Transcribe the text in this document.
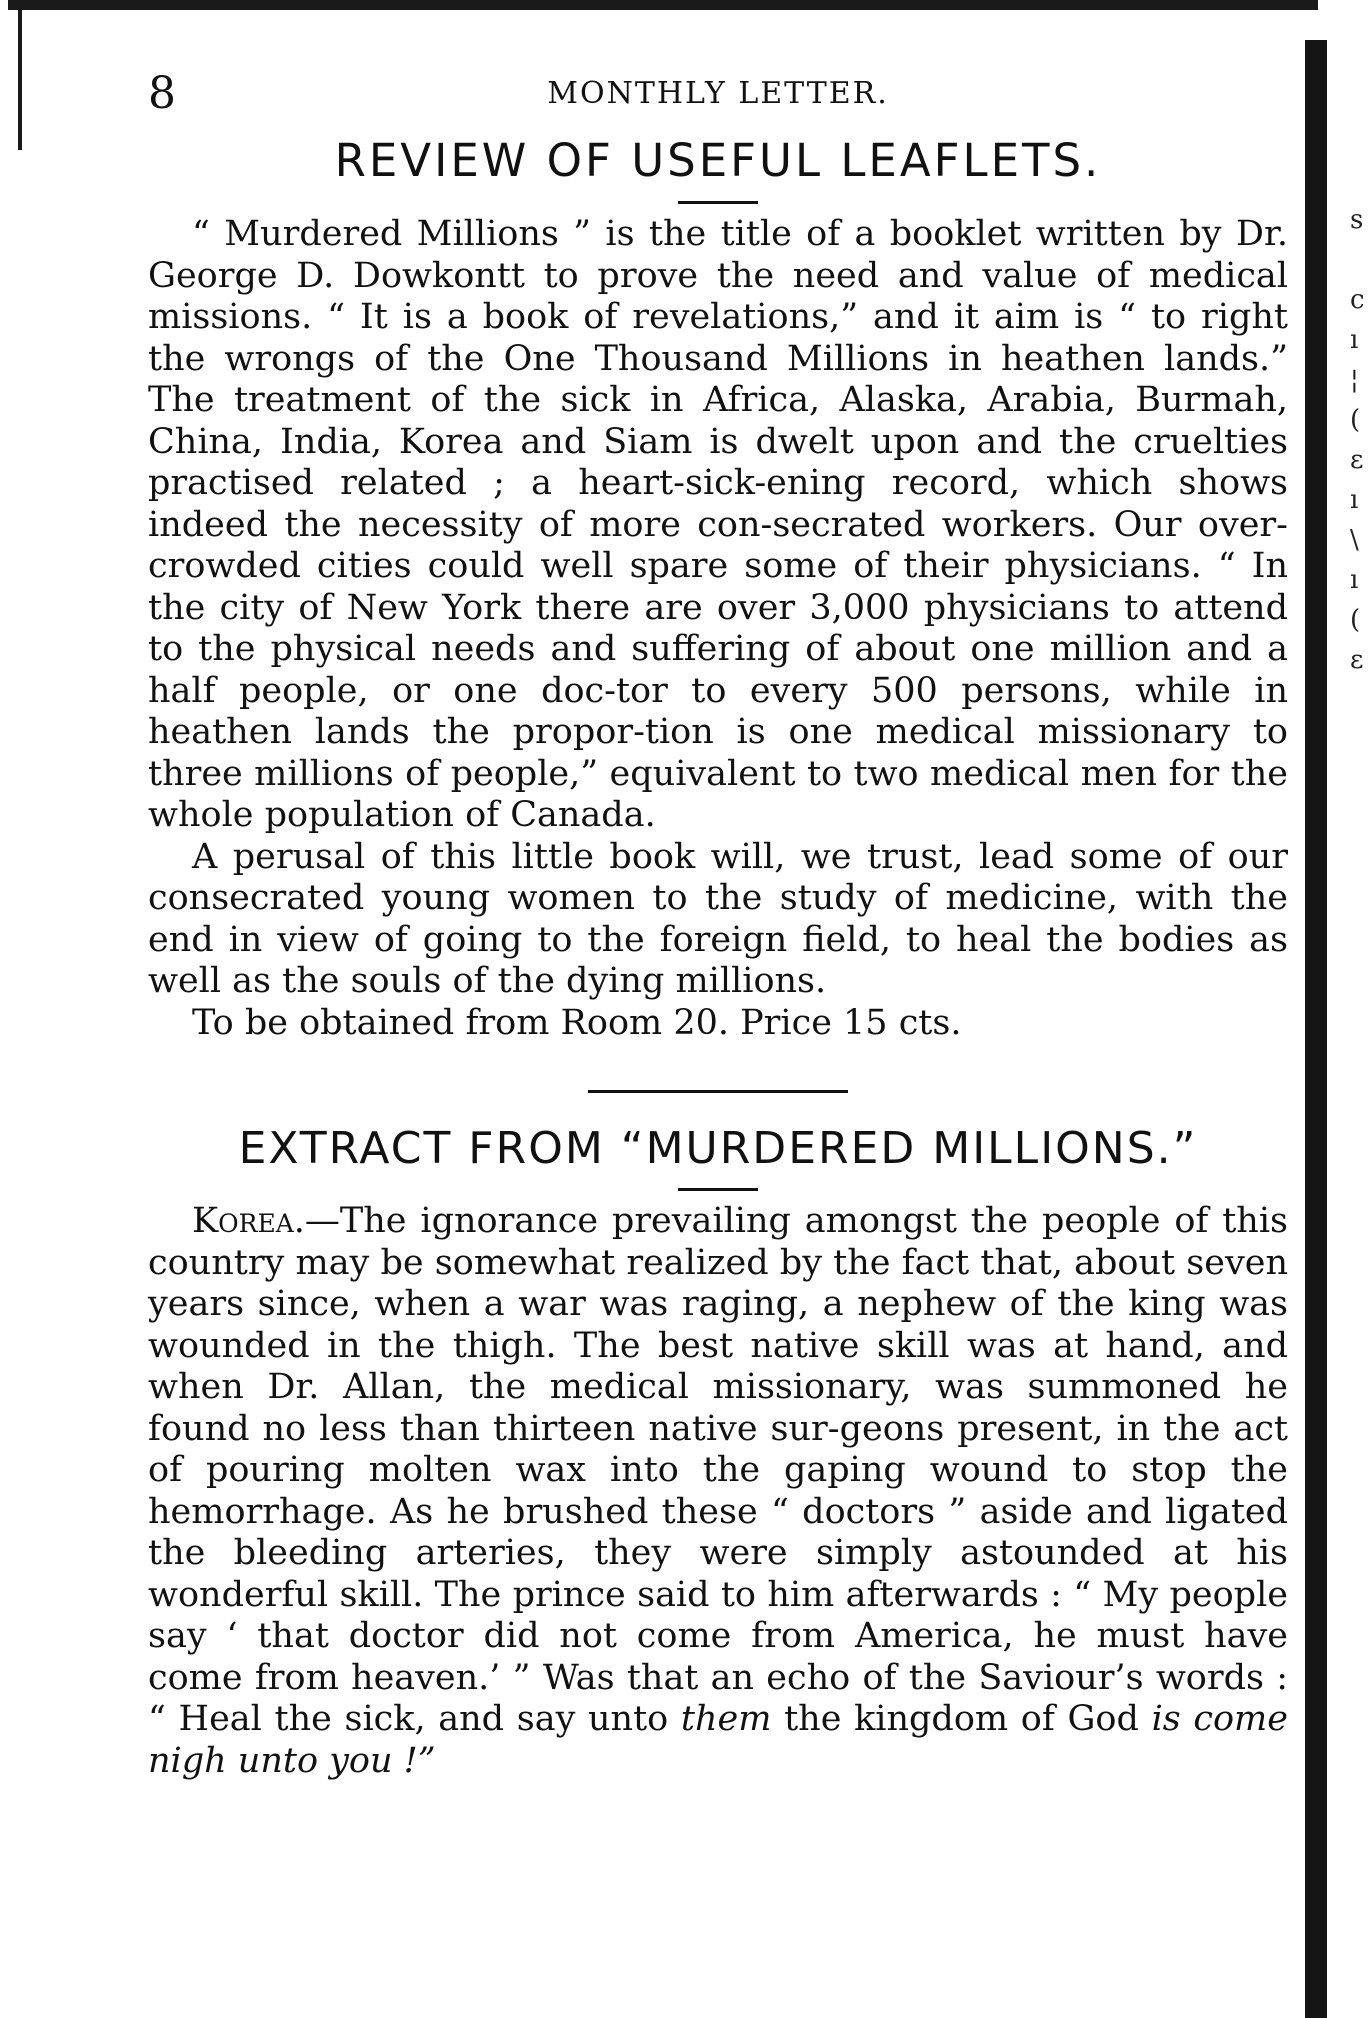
s

c
ı
¦
(
ε
ı
\
ı
(
ε
8	MONTHLY LETTER.
REVIEW OF USEFUL LEAFLETS.

“ Murdered Millions ” is the title of a booklet written by Dr. George D. Dowkontt to prove the need and value of medical missions. “ It is a book of revelations,” and it aim is “ to right the wrongs of the One Thousand Millions in heathen lands.” The treatment of the sick in Africa, Alaska, Arabia, Burmah, China, India, Korea and Siam is dwelt upon and the cruelties practised related ; a heart-sick-ening record, which shows indeed the necessity of more con-secrated workers. Our over-crowded cities could well spare some of their physicians. “ In the city of New York there are over 3,000 physicians to attend to the physical needs and suffering of about one million and a half people, or one doc-tor to every 500 persons, while in heathen lands the propor-tion is one medical missionary to three millions of people,” equivalent to two medical men for the whole population of Canada.

A perusal of this little book will, we trust, lead some of our consecrated young women to the study of medicine, with the end in view of going to the foreign field, to heal the bodies as well as the souls of the dying millions.

To be obtained from Room 20. Price 15 cts.

EXTRACT FROM “MURDERED MILLIONS.”

Korea.—The ignorance prevailing amongst the people of this country may be somewhat realized by the fact that, about seven years since, when a war was raging, a nephew of the king was wounded in the thigh. The best native skill was at hand, and when Dr. Allan, the medical missionary, was summoned he found no less than thirteen native sur-geons present, in the act of pouring molten wax into the gaping wound to stop the hemorrhage. As he brushed these “ doctors ” aside and ligated the bleeding arteries, they were simply astounded at his wonderful skill. The prince said to him afterwards : “ My people say ‘ that doctor did not come from America, he must have come from heaven.’ ” Was that an echo of the Saviour’s words : “ Heal the sick, and say unto them the kingdom of God is come nigh unto you !”
